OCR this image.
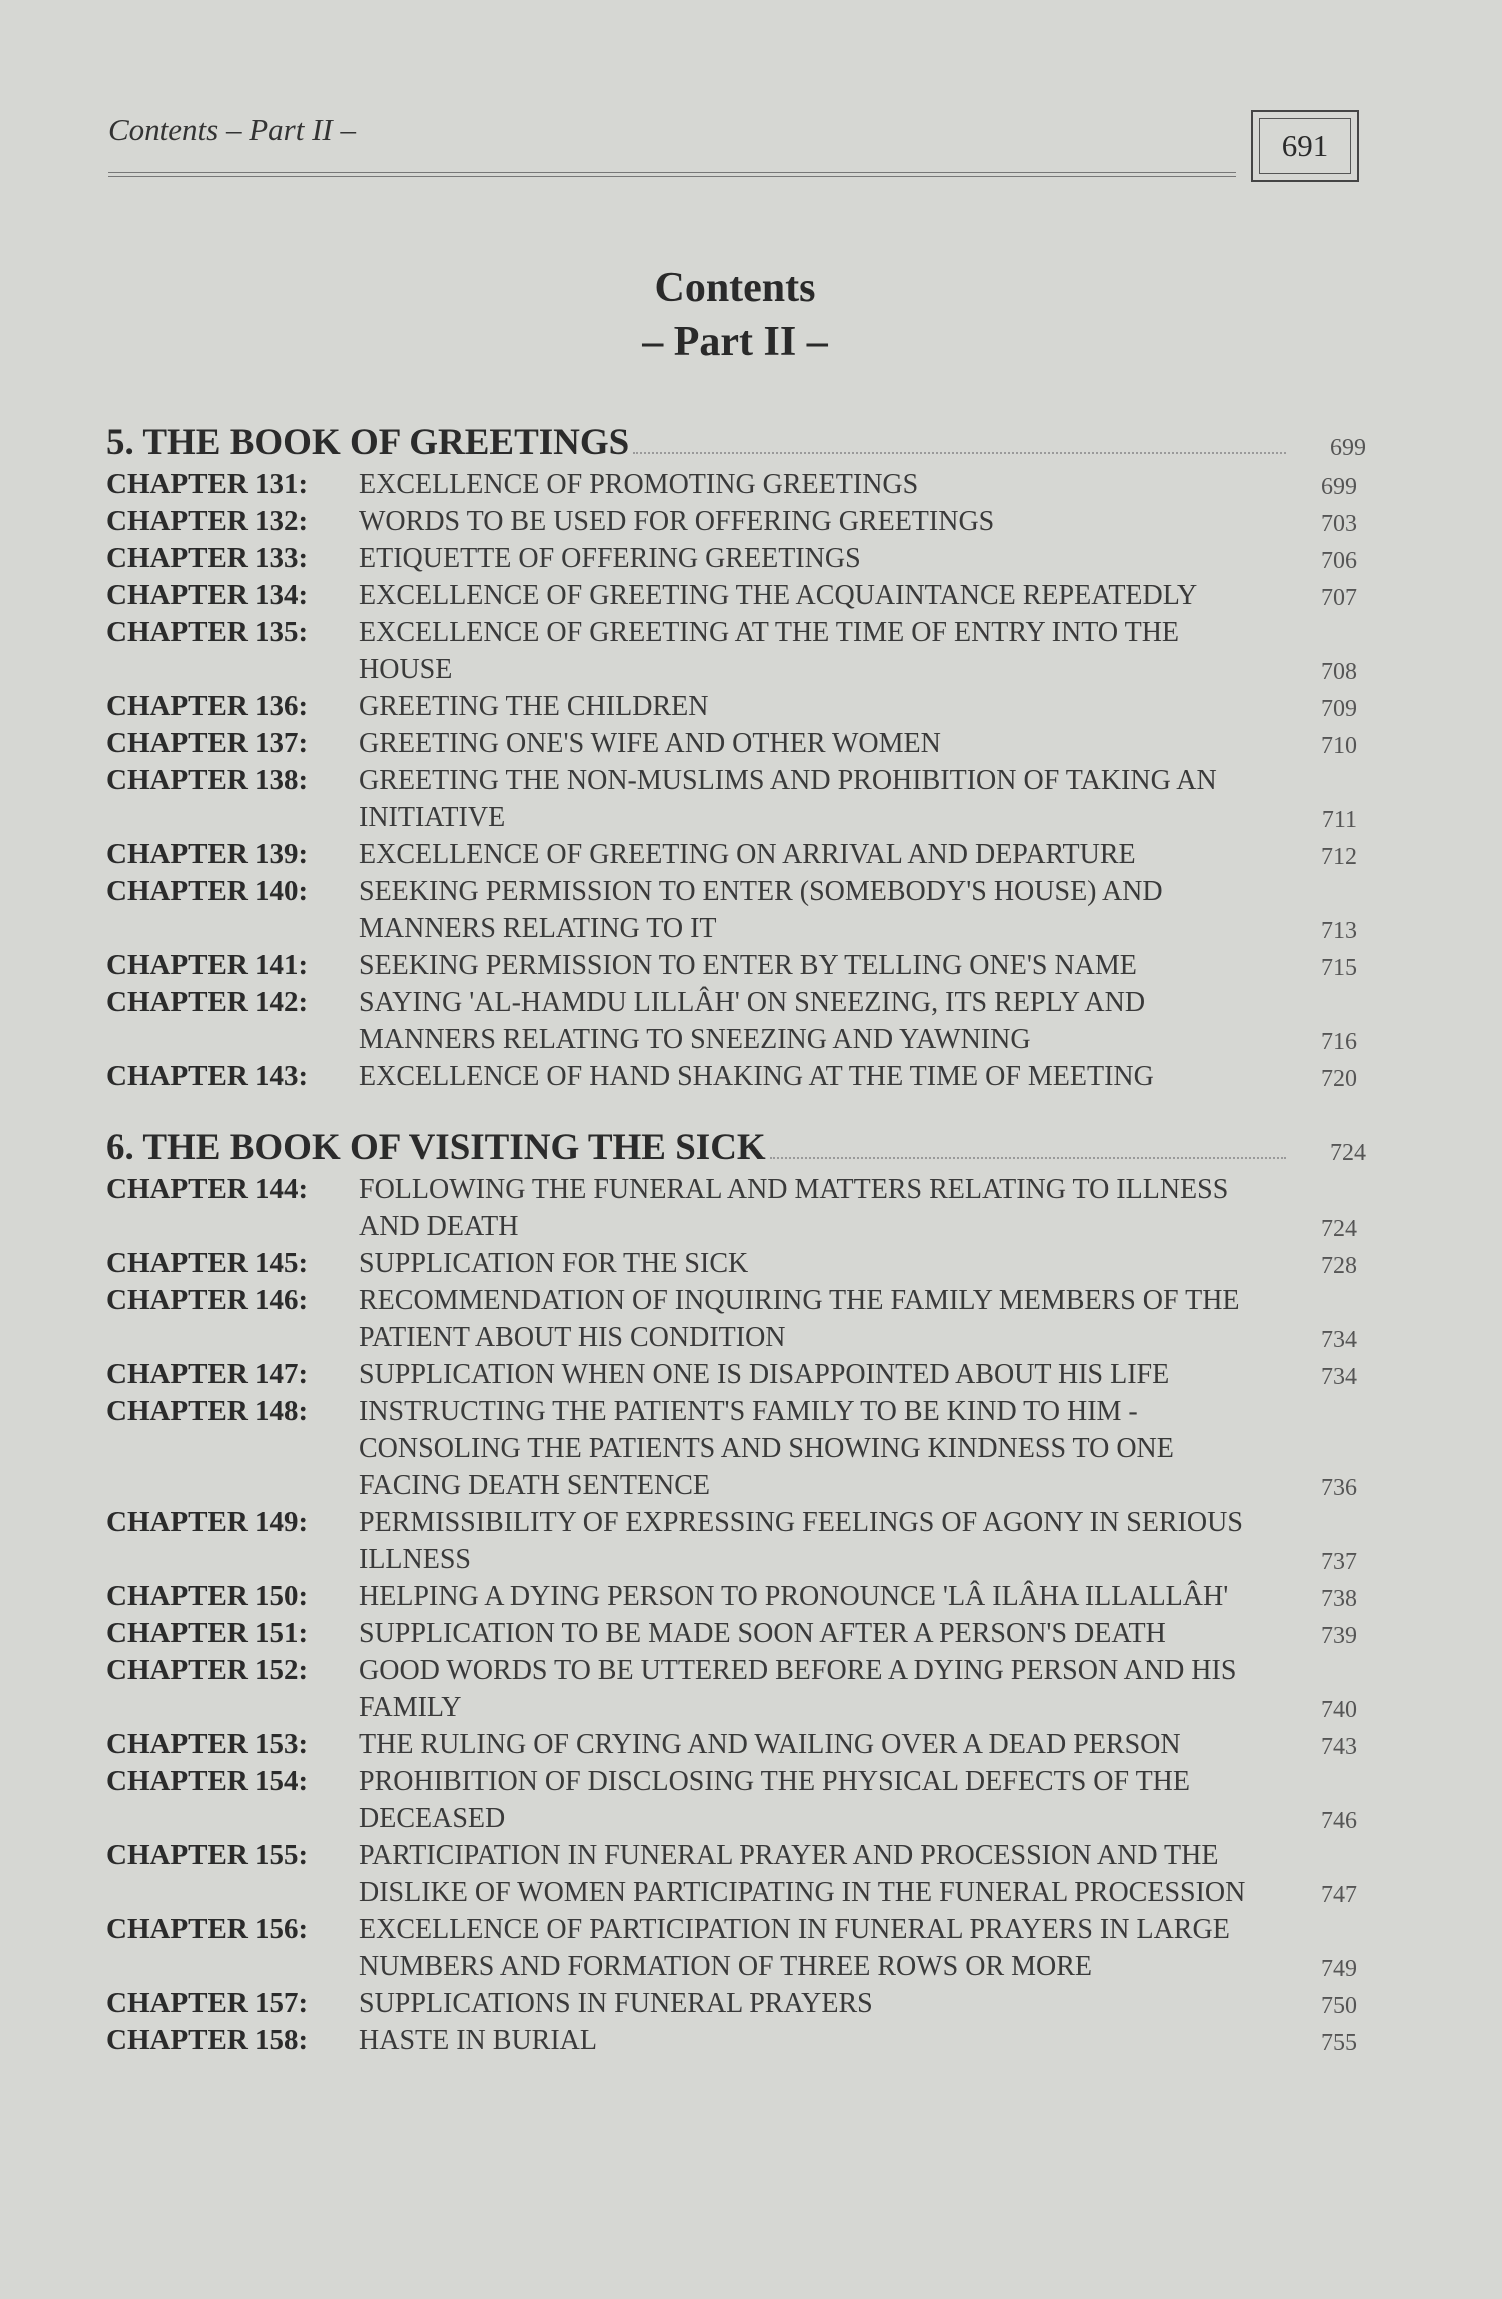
Contents – Part II –	691
Contents
– Part II –
5. THE BOOK OF GREETINGS	699
CHAPTER 131:	EXCELLENCE OF PROMOTING GREETINGS	699
CHAPTER 132:	WORDS TO BE USED FOR OFFERING GREETINGS	703
CHAPTER 133:	ETIQUETTE OF OFFERING GREETINGS	706
CHAPTER 134:	EXCELLENCE OF GREETING THE ACQUAINTANCE REPEATEDLY	707
CHAPTER 135:	EXCELLENCE OF GREETING AT THE TIME OF ENTRY INTO THE HOUSE	708
CHAPTER 136:	GREETING THE CHILDREN	709
CHAPTER 137:	GREETING ONE'S WIFE AND OTHER WOMEN	710
CHAPTER 138:	GREETING THE NON-MUSLIMS AND PROHIBITION OF TAKING AN INITIATIVE	711
CHAPTER 139:	EXCELLENCE OF GREETING ON ARRIVAL AND DEPARTURE	712
CHAPTER 140:	SEEKING PERMISSION TO ENTER (SOMEBODY'S HOUSE) AND MANNERS RELATING TO IT	713
CHAPTER 141:	SEEKING PERMISSION TO ENTER BY TELLING ONE'S NAME	715
CHAPTER 142:	SAYING 'AL-HAMDU LILLÂH' ON SNEEZING, ITS REPLY AND MANNERS RELATING TO SNEEZING AND YAWNING	716
CHAPTER 143:	EXCELLENCE OF HAND SHAKING AT THE TIME OF MEETING	720
6. THE BOOK OF VISITING THE SICK	724
CHAPTER 144:	FOLLOWING THE FUNERAL AND MATTERS RELATING TO ILLNESS AND DEATH	724
CHAPTER 145:	SUPPLICATION FOR THE SICK	728
CHAPTER 146:	RECOMMENDATION OF INQUIRING THE FAMILY MEMBERS OF THE PATIENT ABOUT HIS CONDITION	734
CHAPTER 147:	SUPPLICATION WHEN ONE IS DISAPPOINTED ABOUT HIS LIFE	734
CHAPTER 148:	INSTRUCTING THE PATIENT'S FAMILY TO BE KIND TO HIM - CONSOLING THE PATIENTS AND SHOWING KINDNESS TO ONE FACING DEATH SENTENCE	736
CHAPTER 149:	PERMISSIBILITY OF EXPRESSING FEELINGS OF AGONY IN SERIOUS ILLNESS	737
CHAPTER 150:	HELPING A DYING PERSON TO PRONOUNCE 'LÂ ILÂHA ILLALLÂH'	738
CHAPTER 151:	SUPPLICATION TO BE MADE SOON AFTER A PERSON'S DEATH	739
CHAPTER 152:	GOOD WORDS TO BE UTTERED BEFORE A DYING PERSON AND HIS FAMILY	740
CHAPTER 153:	THE RULING OF CRYING AND WAILING OVER A DEAD PERSON	743
CHAPTER 154:	PROHIBITION OF DISCLOSING THE PHYSICAL DEFECTS OF THE DECEASED	746
CHAPTER 155:	PARTICIPATION IN FUNERAL PRAYER AND PROCESSION AND THE DISLIKE OF WOMEN PARTICIPATING IN THE FUNERAL PROCESSION	747
CHAPTER 156:	EXCELLENCE OF PARTICIPATION IN FUNERAL PRAYERS IN LARGE NUMBERS AND FORMATION OF THREE ROWS OR MORE	749
CHAPTER 157:	SUPPLICATIONS IN FUNERAL PRAYERS	750
CHAPTER 158:	HASTE IN BURIAL	755
